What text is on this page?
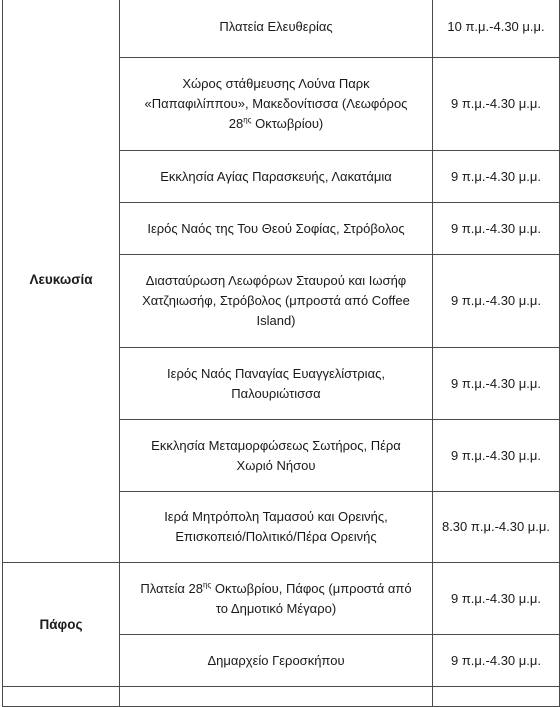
Λευκωσία	Πλατεία Ελευθερίας	10 π.μ.-4.30 μ.μ.
	Χώρος στάθμευσης Λούνα Παρκ «Παπαφιλίππου», Μακεδονίτισσα (Λεωφόρος $28^{\eta\varsigma}$ Οκτωβρίου)	9 π.μ.-4.30 μ.μ.
	Εκκλησία Αγίας Παρασκευής, Λακατάμια	9 π.μ.-4.30 μ.μ.
	Ιερός Ναός της Του Θεού Σοφίας, Στρόβολος	9 π.μ.-4.30 μ.μ.
	Διασταύρωση Λεωφόρων Σταυρού και Ιωσήφ Χατζηιωσήφ, Στρόβολος (μπροστά από Coffee Island)	9 π.μ.-4.30 μ.μ.
	Ιερός Ναός Παναγίας Ευαγγελίστριας, Παλουριώτισσα	9 π.μ.-4.30 μ.μ.
	Εκκλησία Μεταμορφώσεως Σωτήρος, Πέρα Χωριό Νήσου	9 π.μ.-4.30 μ.μ.
	Ιερά Μητρόπολη Ταμασού και Ορεινής, Επισκοπειό/Πολιτικό/Πέρα Ορεινής	8.30 π.μ.-4.30 μ.μ.
Πάφος	Πλατεία $28^{\eta\varsigma}$ Οκτωβρίου, Πάφος (μπροστά από το Δημοτικό Μέγαρο)	9 π.μ.-4.30 μ.μ.
	Δημαρχείο Γεροσκήπου	9 π.μ.-4.30 μ.μ.
